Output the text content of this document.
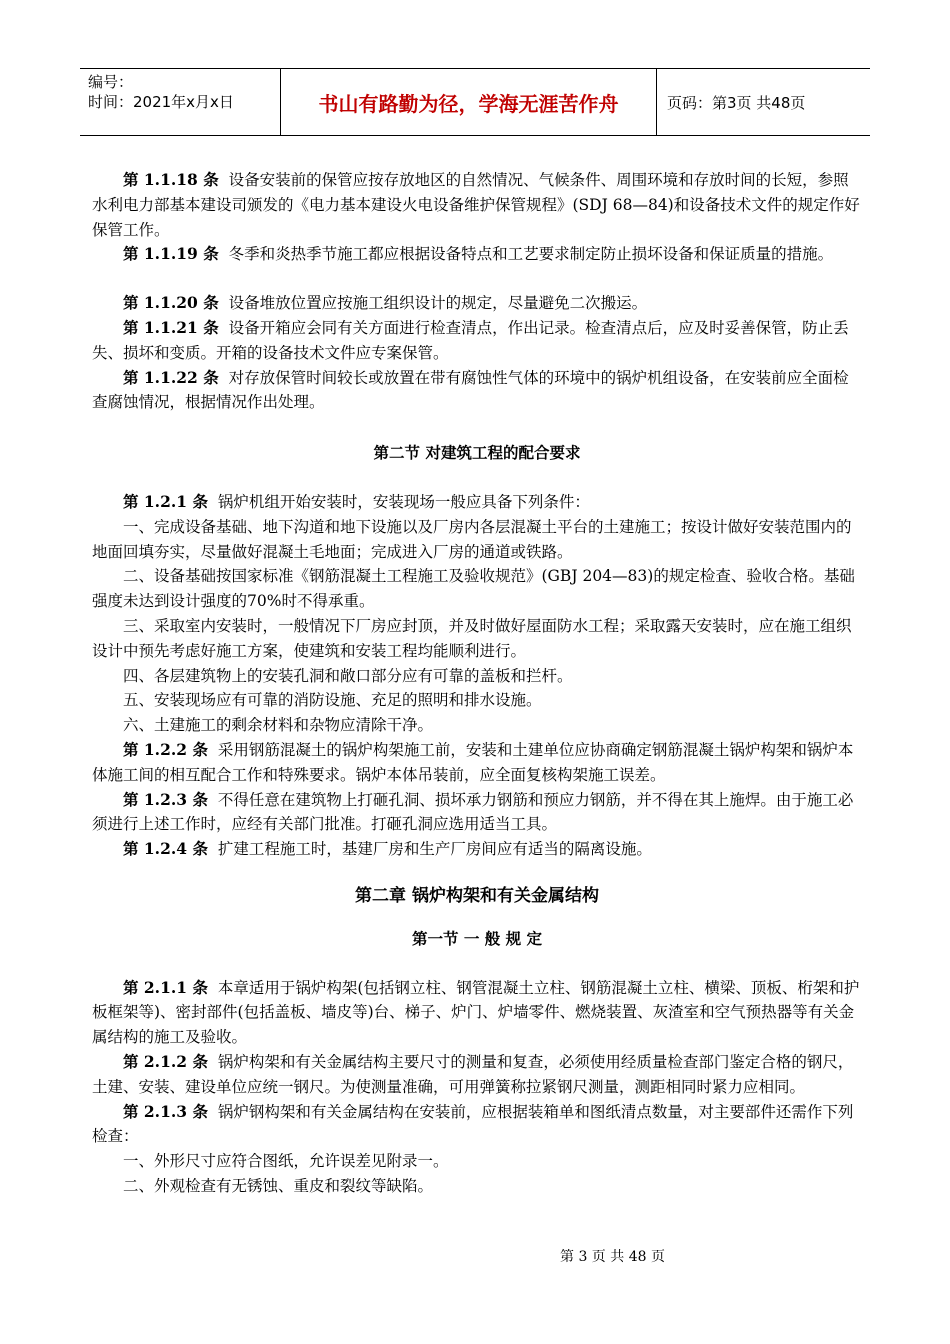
编号：
时间：2021年x月x日	书山有路勤为径，学海无涯苦作舟	页码：第3页 共48页

第 1.1.18 条 设备安装前的保管应按存放地区的自然情况、气候条件、周围环境和存放时间的长短，参照水利电力部基本建设司颁发的《电力基本建设火电设备维护保管规程》(SDJ 68—84)和设备技术文件的规定作好保管工作。

第 1.1.19 条 冬季和炎热季节施工都应根据设备特点和工艺要求制定防止损坏设备和保证质量的措施。

第 1.1.20 条 设备堆放位置应按施工组织设计的规定，尽量避免二次搬运。

第 1.1.21 条 设备开箱应会同有关方面进行检查清点，作出记录。检查清点后，应及时妥善保管，防止丢失、损坏和变质。开箱的设备技术文件应专案保管。

第 1.1.22 条 对存放保管时间较长或放置在带有腐蚀性气体的环境中的锅炉机组设备，在安装前应全面检查腐蚀情况，根据情况作出处理。

第二节 对建筑工程的配合要求

第 1.2.1 条 锅炉机组开始安装时，安装现场一般应具备下列条件：

一、完成设备基础、地下沟道和地下设施以及厂房内各层混凝土平台的土建施工；按设计做好安装范围内的地面回填夯实，尽量做好混凝土毛地面；完成进入厂房的通道或铁路。

二、设备基础按国家标准《钢筋混凝土工程施工及验收规范》(GBJ 204—83)的规定检查、验收合格。基础强度未达到设计强度的70%时不得承重。

三、采取室内安装时，一般情况下厂房应封顶，并及时做好屋面防水工程；采取露天安装时，应在施工组织设计中预先考虑好施工方案，使建筑和安装工程均能顺利进行。

四、各层建筑物上的安装孔洞和敞口部分应有可靠的盖板和拦杆。

五、安装现场应有可靠的消防设施、充足的照明和排水设施。

六、土建施工的剩余材料和杂物应清除干净。

第 1.2.2 条 采用钢筋混凝土的锅炉构架施工前，安装和土建单位应协商确定钢筋混凝土锅炉构架和锅炉本体施工间的相互配合工作和特殊要求。锅炉本体吊装前，应全面复核构架施工误差。

第 1.2.3 条 不得任意在建筑物上打砸孔洞、损坏承力钢筋和预应力钢筋，并不得在其上施焊。由于施工必须进行上述工作时，应经有关部门批准。打砸孔洞应选用适当工具。

第 1.2.4 条 扩建工程施工时，基建厂房和生产厂房间应有适当的隔离设施。

第二章 锅炉构架和有关金属结构

第一节 一 般 规 定

第 2.1.1 条 本章适用于锅炉构架(包括钢立柱、钢管混凝土立柱、钢筋混凝土立柱、横梁、顶板、桁架和护板框架等)、密封部件(包括盖板、墙皮等)台、梯子、炉门、炉墙零件、燃烧装置、灰渣室和空气预热器等有关金属结构的施工及验收。

第 2.1.2 条 锅炉构架和有关金属结构主要尺寸的测量和复查，必须使用经质量检查部门鉴定合格的钢尺，土建、安装、建设单位应统一钢尺。为使测量准确，可用弹簧称拉紧钢尺测量，测距相同时紧力应相同。

第 2.1.3 条 锅炉钢构架和有关金属结构在安装前，应根据装箱单和图纸清点数量，对主要部件还需作下列检查：

一、外形尺寸应符合图纸，允许误差见附录一。

二、外观检查有无锈蚀、重皮和裂纹等缺陷。

第 3 页 共 48 页
